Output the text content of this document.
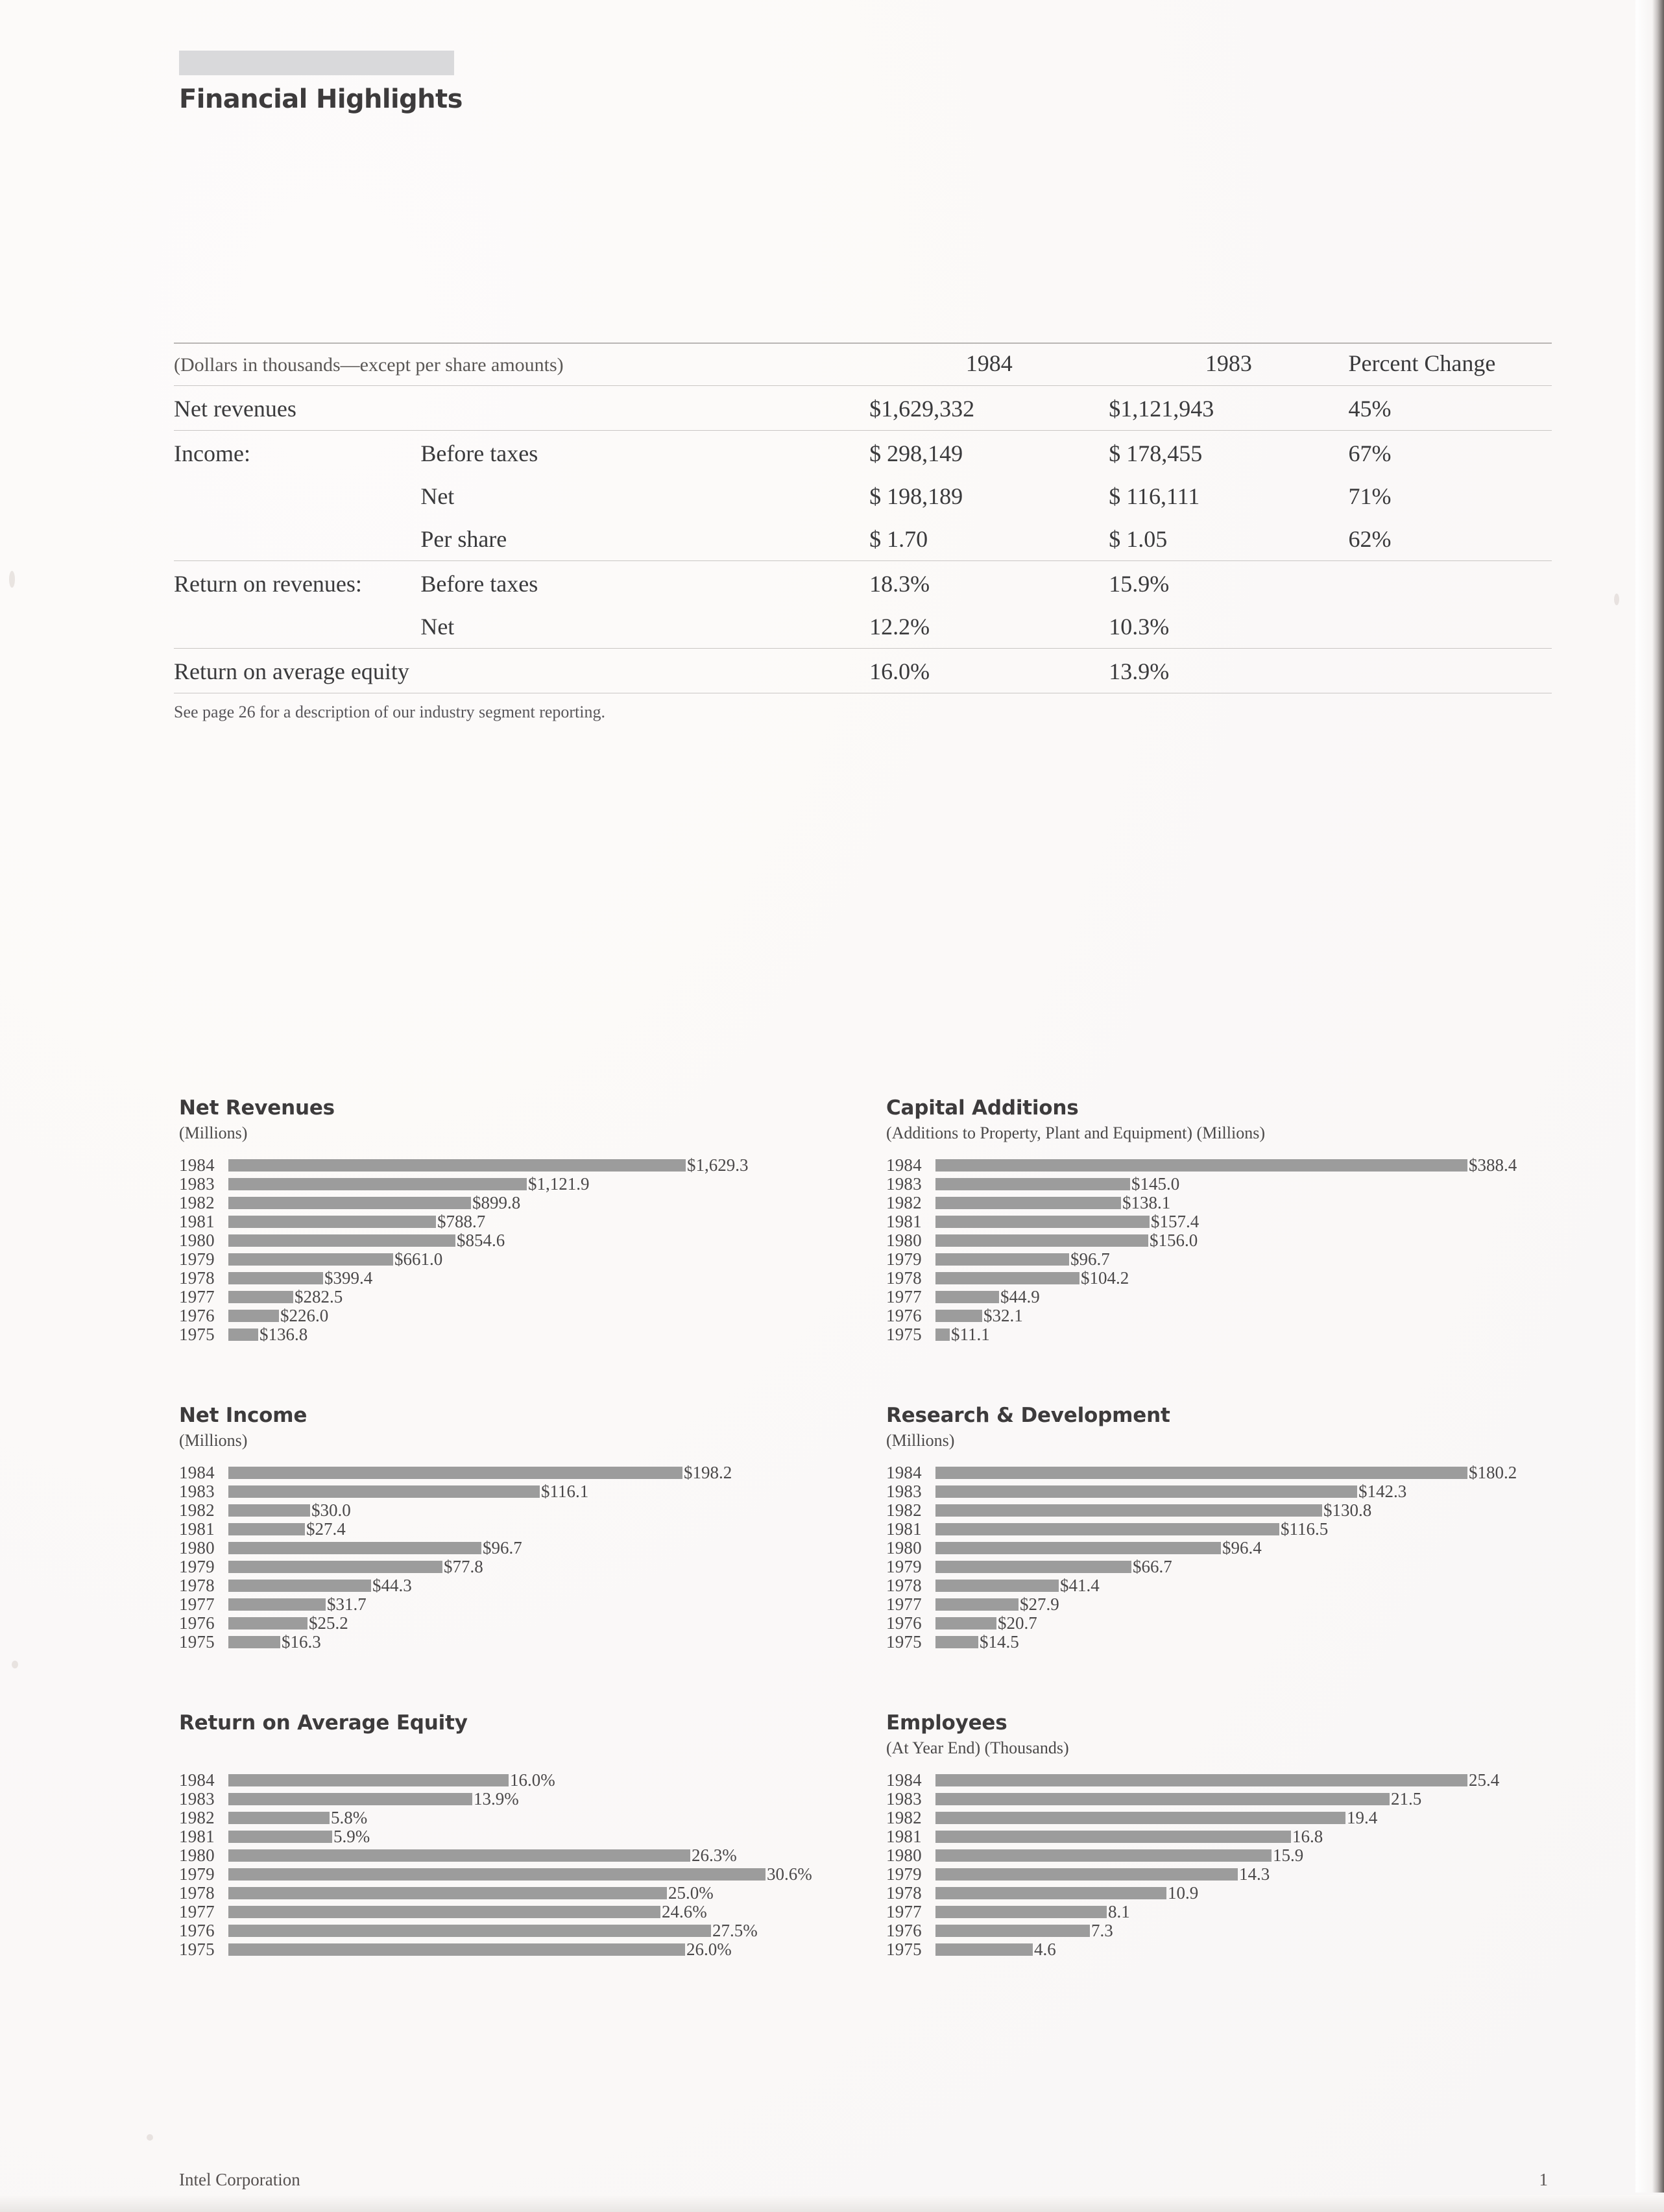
Financial Highlights
(Dollars in thousands—except per share amounts)		1984	1983	Percent Change

Net revenues		$1,629,332	$1,121,943	45%

Income:	Before taxes	$ 298,149	$ 178,455	67%
	Net	$ 198,189	$ 116,111	71%
	Per share	$ 1.70	$ 1.05	62%

Return on revenues:	Before taxes	18.3%	15.9%	
	Net	12.2%	10.3%	

Return on average equity		16.0%	13.9%	
See page 26 for a description of our industry segment reporting.
Net Revenues
(Millions)
1984	$1,629.3
1983	$1,121.9
1982	$899.8
1981	$788.7
1980	$854.6
1979	$661.0
1978	$399.4
1977	$282.5
1976	$226.0
1975	$136.8
Capital Additions
(Additions to Property, Plant and Equipment) (Millions)
1984	$388.4
1983	$145.0
1982	$138.1
1981	$157.4
1980	$156.0
1979	$96.7
1978	$104.2
1977	$44.9
1976	$32.1
1975	$11.1
Net Income
(Millions)
1984	$198.2
1983	$116.1
1982	$30.0
1981	$27.4
1980	$96.7
1979	$77.8
1978	$44.3
1977	$31.7
1976	$25.2
1975	$16.3
Research & Development
(Millions)
1984	$180.2
1983	$142.3
1982	$130.8
1981	$116.5
1980	$96.4
1979	$66.7
1978	$41.4
1977	$27.9
1976	$20.7
1975	$14.5
Return on Average Equity
1984	16.0%
1983	13.9%
1982	5.8%
1981	5.9%
1980	26.3%
1979	30.6%
1978	25.0%
1977	24.6%
1976	27.5%
1975	26.0%
Employees
(At Year End) (Thousands)
1984	25.4
1983	21.5
1982	19.4
1981	16.8
1980	15.9
1979	14.3
1978	10.9
1977	8.1
1976	7.3
1975	4.6
Intel Corporation	1
